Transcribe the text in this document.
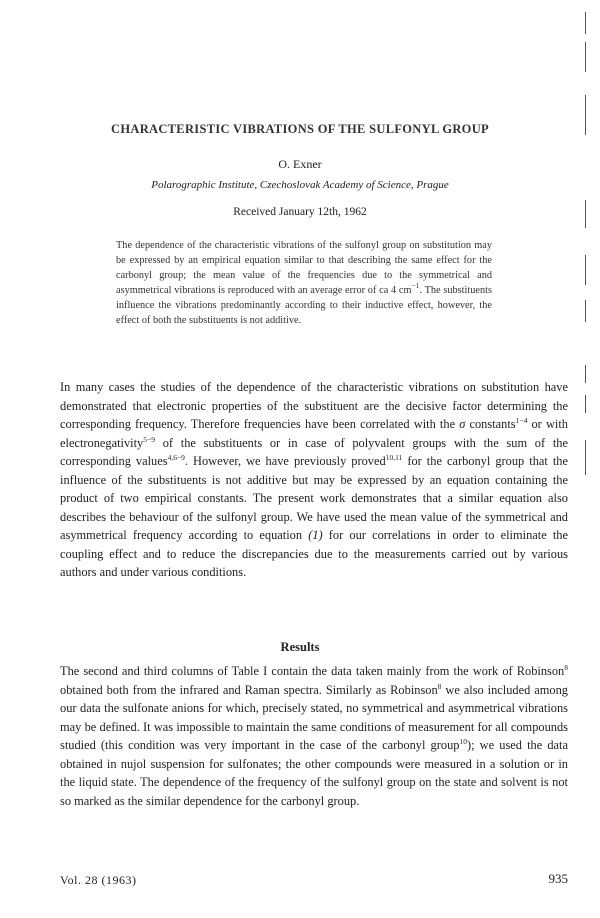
CHARACTERISTIC VIBRATIONS OF THE SULFONYL GROUP
O. Exner
Polarographic Institute, Czechoslovak Academy of Science, Prague
Received January 12th, 1962

The dependence of the characteristic vibrations of the sulfonyl group on substitution may be expressed by an empirical equation similar to that describing the same effect for the carbonyl group; the mean value of the frequencies due to the symmetrical and asymmetrical vibrations is reproduced with an average error of ca 4 $cm^{-1}$. The substituents influence the vibrations predominantly according to their inductive effect, however, the effect of both the substituents is not additive.

In many cases the studies of the dependence of the characteristic vibrations on substitution have demonstrated that electronic properties of the substituent are the decisive factor determining the corresponding frequency. Therefore frequencies have been correlated with the σ constants$^{1-4}$ or with electronegativity$^{5-9}$ of the substituents or in case of polyvalent groups with the sum of the corresponding values$^{4,6-9}$. However, we have previously proved$^{10,11}$ for the carbonyl group that the influence of the substituents is not additive but may be expressed by an equation containing the product of two empirical constants. The present work demonstrates that a similar equation also describes the behaviour of the sulfonyl group. We have used the mean value of the symmetrical and asymmetrical frequency according to equation (1) for our correlations in order to eliminate the coupling effect and to reduce the discrepancies due to the measurements carried out by various authors and under various conditions.

Results

The second and third columns of Table I contain the data taken mainly from the work of Robinson$^8$ obtained both from the infrared and Raman spectra. Similarly as Robinson$^8$ we also included among our data the sulfonate anions for which, precisely stated, no symmetrical and asymmetrical vibrations may be defined. It was impossible to maintain the same conditions of measurement for all compounds studied (this condition was very important in the case of the carbonyl group$^{10}$); we used the data obtained in nujol suspension for sulfonates; the other compounds were measured in a solution or in the liquid state. The dependence of the frequency of the sulfonyl group on the state and solvent is not so marked as the similar dependence for the carbonyl group.

Vol. 28 (1963)	935
